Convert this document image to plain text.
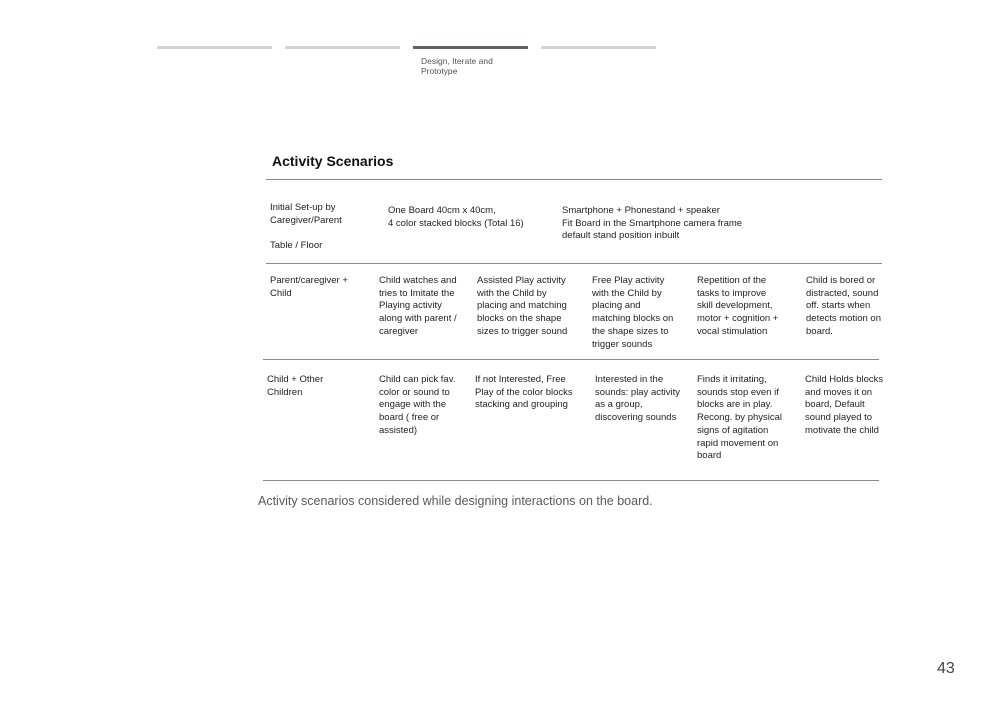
Design, Iterate and Prototype
Activity Scenarios
Initial Set-up by
Caregiver/Parent

Table / Floor
One Board 40cm x 40cm,
4 color stacked blocks (Total 16)
Smartphone + Phonestand + speaker
Fit Board in the Smartphone camera frame
default stand position inbuilt
Parent/caregiver +
Child
Child watches and
tries to Imitate the
Playing activity
along with parent /
caregiver
Assisted Play activity
with the Child by
placing and matching
blocks on the shape
sizes to trigger sound
Free Play activity
with the Child by
placing and
matching blocks on
the shape sizes to
trigger sounds
Repetition of the
tasks to improve
skill development,
motor + cognition +
vocal stimulation
Child is bored or
distracted, sound
off. starts when
detects motion on
board.
Child + Other
Children
Child can pick fav.
color or sound to
engage with the
board ( free or
assisted)
If not Interested, Free
Play of the color blocks
stacking and grouping
Interested in the
sounds: play activity
as a group,
discovering sounds
Finds it irritating,
sounds stop even if
blocks are in play.
Recong. by physical
signs of agitation
rapid movement on
board
Child Holds blocks
and moves it on
board, Default
sound played to
motivate the child
Activity scenarios considered while designing interactions on the board.
43
